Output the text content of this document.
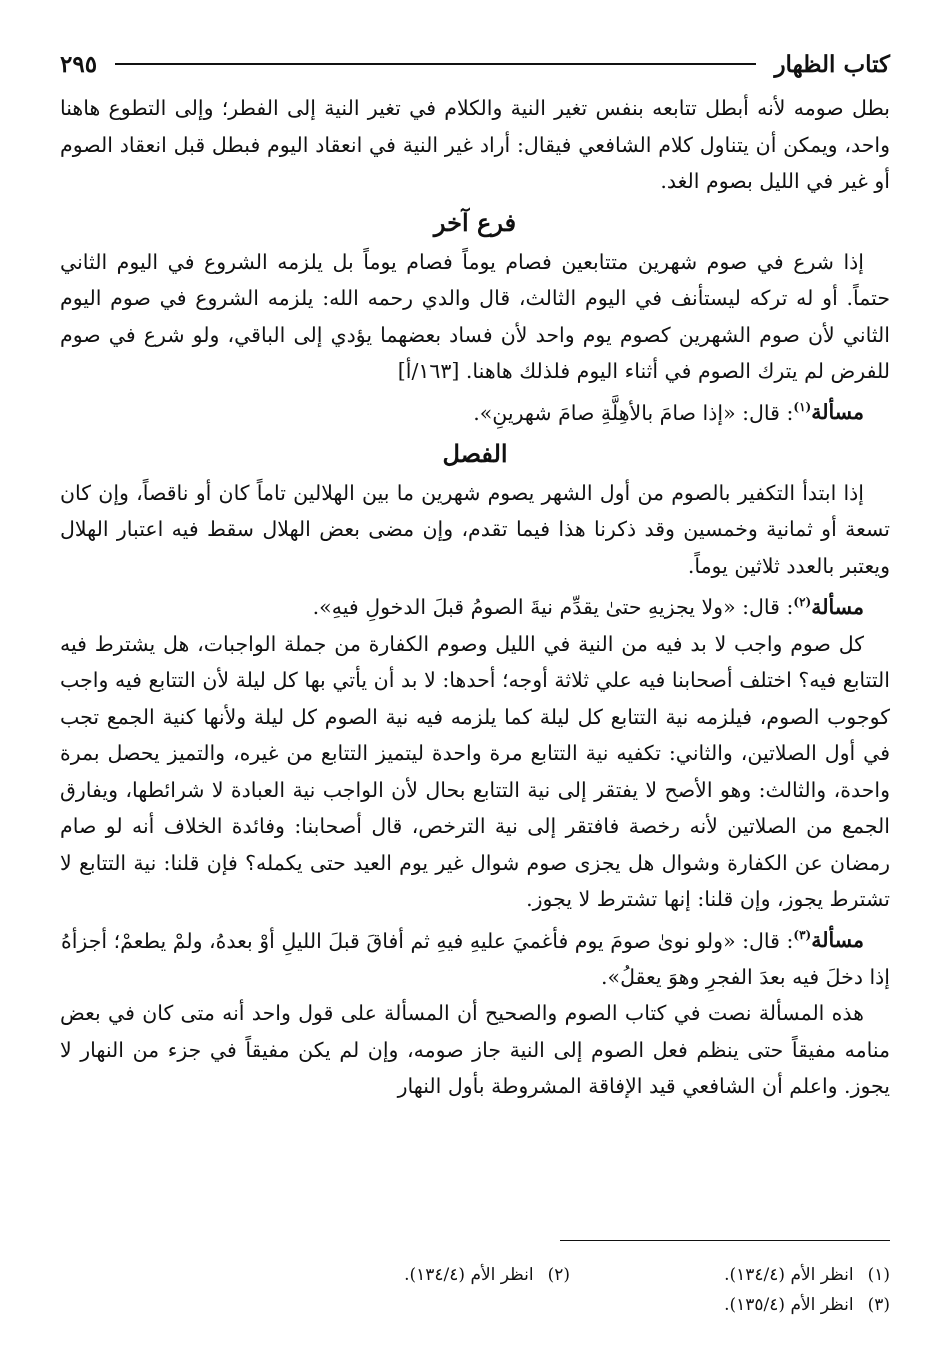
كتاب الظهار
٢٩٥

بطل صومه لأنه أبطل تتابعه بنفس تغير النية والكلام في تغير النية إلى الفطر؛ وإلى التطوع هاهنا واحد، ويمكن أن يتناول كلام الشافعي فيقال: أراد غير النية في انعقاد اليوم فبطل قبل انعقاد الصوم أو غير في الليل بصوم الغد.

فرع آخر

إذا شرع في صوم شهرين متتابعين فصام يوماً فصام يوماً بل يلزمه الشروع في اليوم الثاني حتماً. أو له تركه ليستأنف في اليوم الثالث، قال والدي رحمه الله: يلزمه الشروع في صوم اليوم الثاني لأن صوم الشهرين كصوم يوم واحد لأن فساد بعضهما يؤدي إلى الباقي، ولو شرع في صوم للفرض لم يترك الصوم في أثناء اليوم فلذلك هاهنا. [١٦٣/أ]

مسألة$^{(١)}$: قال: «إذا صامَ بالأهِلَّةِ صامَ شهرينِ».
الفصل

إذا ابتدأ التكفير بالصوم من أول الشهر يصوم شهرين ما بين الهلالين تاماً كان أو ناقصاً، وإن كان تسعة أو ثمانية وخمسين وقد ذكرنا هذا فيما تقدم، وإن مضى بعض الهلال سقط فيه اعتبار الهلال ويعتبر بالعدد ثلاثين يوماً.

مسألة$^{(٢)}$: قال: «ولا يجزيهِ حتىٰ يقدِّم نيةَ الصومُ قبلَ الدخولِ فيهِ».

كل صوم واجب لا بد فيه من النية في الليل وصوم الكفارة من جملة الواجبات، هل يشترط فيه التتابع فيه؟ اختلف أصحابنا فيه علي ثلاثة أوجه؛ أحدها: لا بد أن يأتي بها كل ليلة لأن التتابع فيه واجب كوجوب الصوم، فيلزمه نية التتابع كل ليلة كما يلزمه فيه نية الصوم كل ليلة ولأنها كنية الجمع تجب في أول الصلاتين، والثاني: تكفيه نية التتابع مرة واحدة ليتميز التتابع من غيره، والتميز يحصل بمرة واحدة، والثالث: وهو الأصح لا يفتقر إلى نية التتابع بحال لأن الواجب نية العبادة لا شرائطها، ويفارق الجمع من الصلاتين لأنه رخصة فافتقر إلى نية الترخص، قال أصحابنا: وفائدة الخلاف أنه لو صام رمضان عن الكفارة وشوال هل يجزى صوم شوال غير يوم العيد حتى يكمله؟ فإن قلنا: نية التتابع لا تشترط يجوز، وإن قلنا: إنها تشترط لا يجوز.

مسألة$^{(٣)}$: قال: «ولو نوىٰ صومَ يوم فأغميَ عليهِ فيهِ ثم أفاقَ قبلَ الليلِ أوْ بعدهُ، ولمْ يطعمْ؛ أجزأهُ إذا دخلَ فيه بعدَ الفجرِ وهوَ يعقلُ».

هذه المسألة نصت في كتاب الصوم والصحيح أن المسألة على قول واحد أنه متى كان في بعض منامه مفيقاً حتى ينظم فعل الصوم إلى النية جاز صومه، وإن لم يكن مفيقاً في جزء من النهار لا يجوز. واعلم أن الشافعي قيد الإفاقة المشروطة بأول النهار

(١)انظر الأم (١٣٤/٤).
(٢)انظر الأم (١٣٤/٤).
(٣)انظر الأم (١٣٥/٤).
